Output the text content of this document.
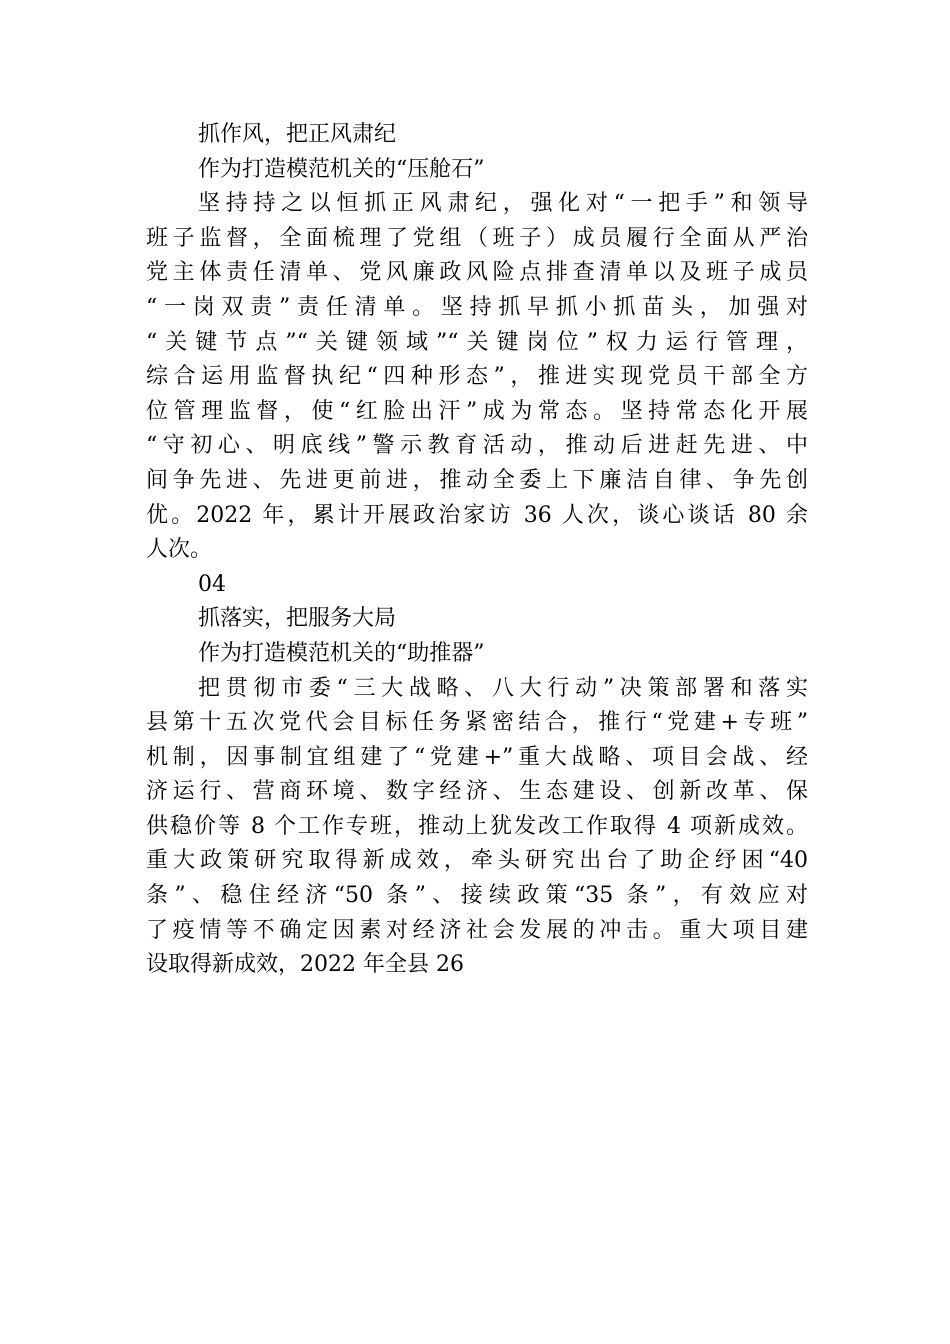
抓作风，把正风肃纪
作为打造模范机关的“压舱石”
坚持持之以恒抓正风肃纪，强化对“一把手”和领导
班子监督，全面梳理了党组（班子）成员履行全面从严治
党主体责任清单、党风廉政风险点排查清单以及班子成员
“一岗双责”责任清单。坚持抓早抓小抓苗头，加强对
“关键节点”“关键领域”“关键岗位”权力运行管理，
综合运用监督执纪“四种形态”，推进实现党员干部全方
位管理监督，使“红脸出汗”成为常态。坚持常态化开展
“守初心、明底线”警示教育活动，推动后进赶先进、中
间争先进、先进更前进，推动全委上下廉洁自律、争先创
优。2022 年，累计开展政治家访 36 人次，谈心谈话 80 余
人次。
04
抓落实，把服务大局
作为打造模范机关的“助推器”
把贯彻市委“三大战略、八大行动”决策部署和落实
县第十五次党代会目标任务紧密结合，推行“党建+专班”
机制，因事制宜组建了“党建+”重大战略、项目会战、经
济运行、营商环境、数字经济、生态建设、创新改革、保
供稳价等 8 个工作专班，推动上犹发改工作取得 4 项新成效。
重大政策研究取得新成效，牵头研究出台了助企纾困“40
条”、稳住经济“50 条”、接续政策“35 条”，有效应对
了疫情等不确定因素对经济社会发展的冲击。重大项目建
设取得新成效，2022 年全县 26
